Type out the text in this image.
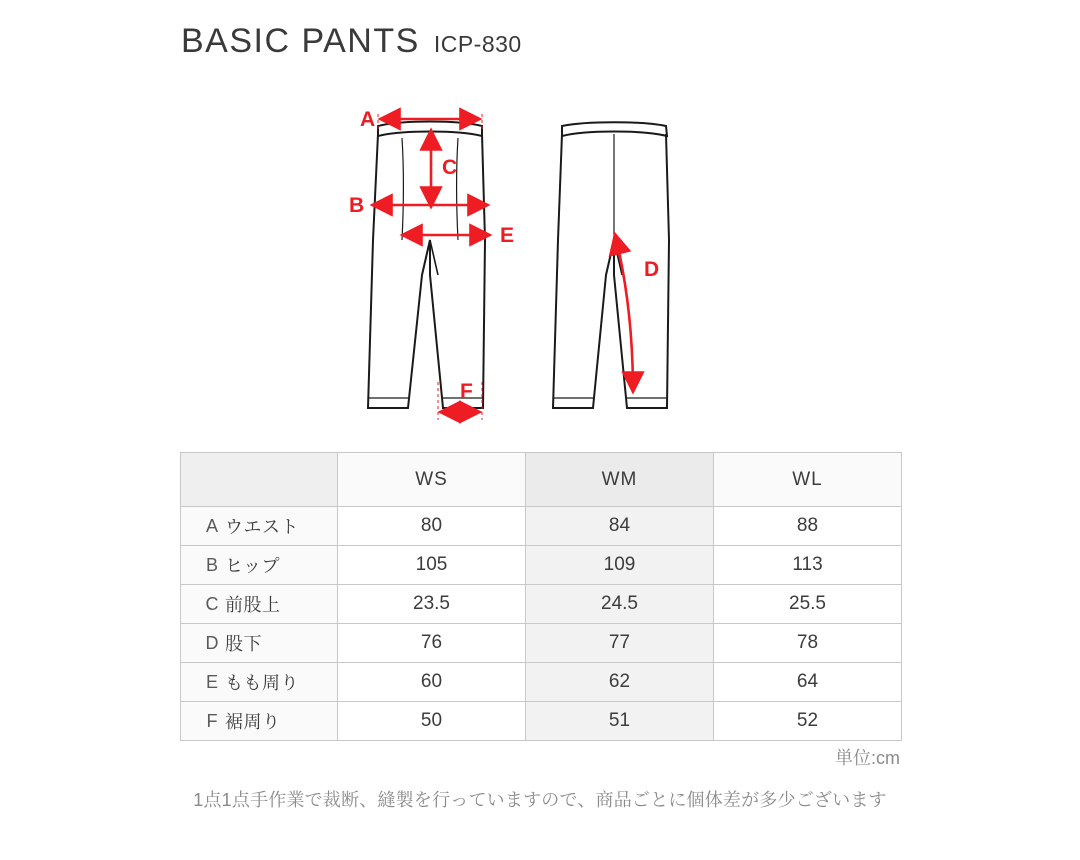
BASIC PANTS ICP-830
A
C
B
E
F
D
	WS	WM	WL

A ウエスト	80	84	88

B ヒップ	105	109	113

C 前股上	23.5	24.5	25.5

D 股下	76	77	78

E もも周り	60	62	64

F 裾周り	50	51	52
単位:cm
1点1点手作業で裁断、縫製を行っていますので、商品ごとに個体差が多少ございます
